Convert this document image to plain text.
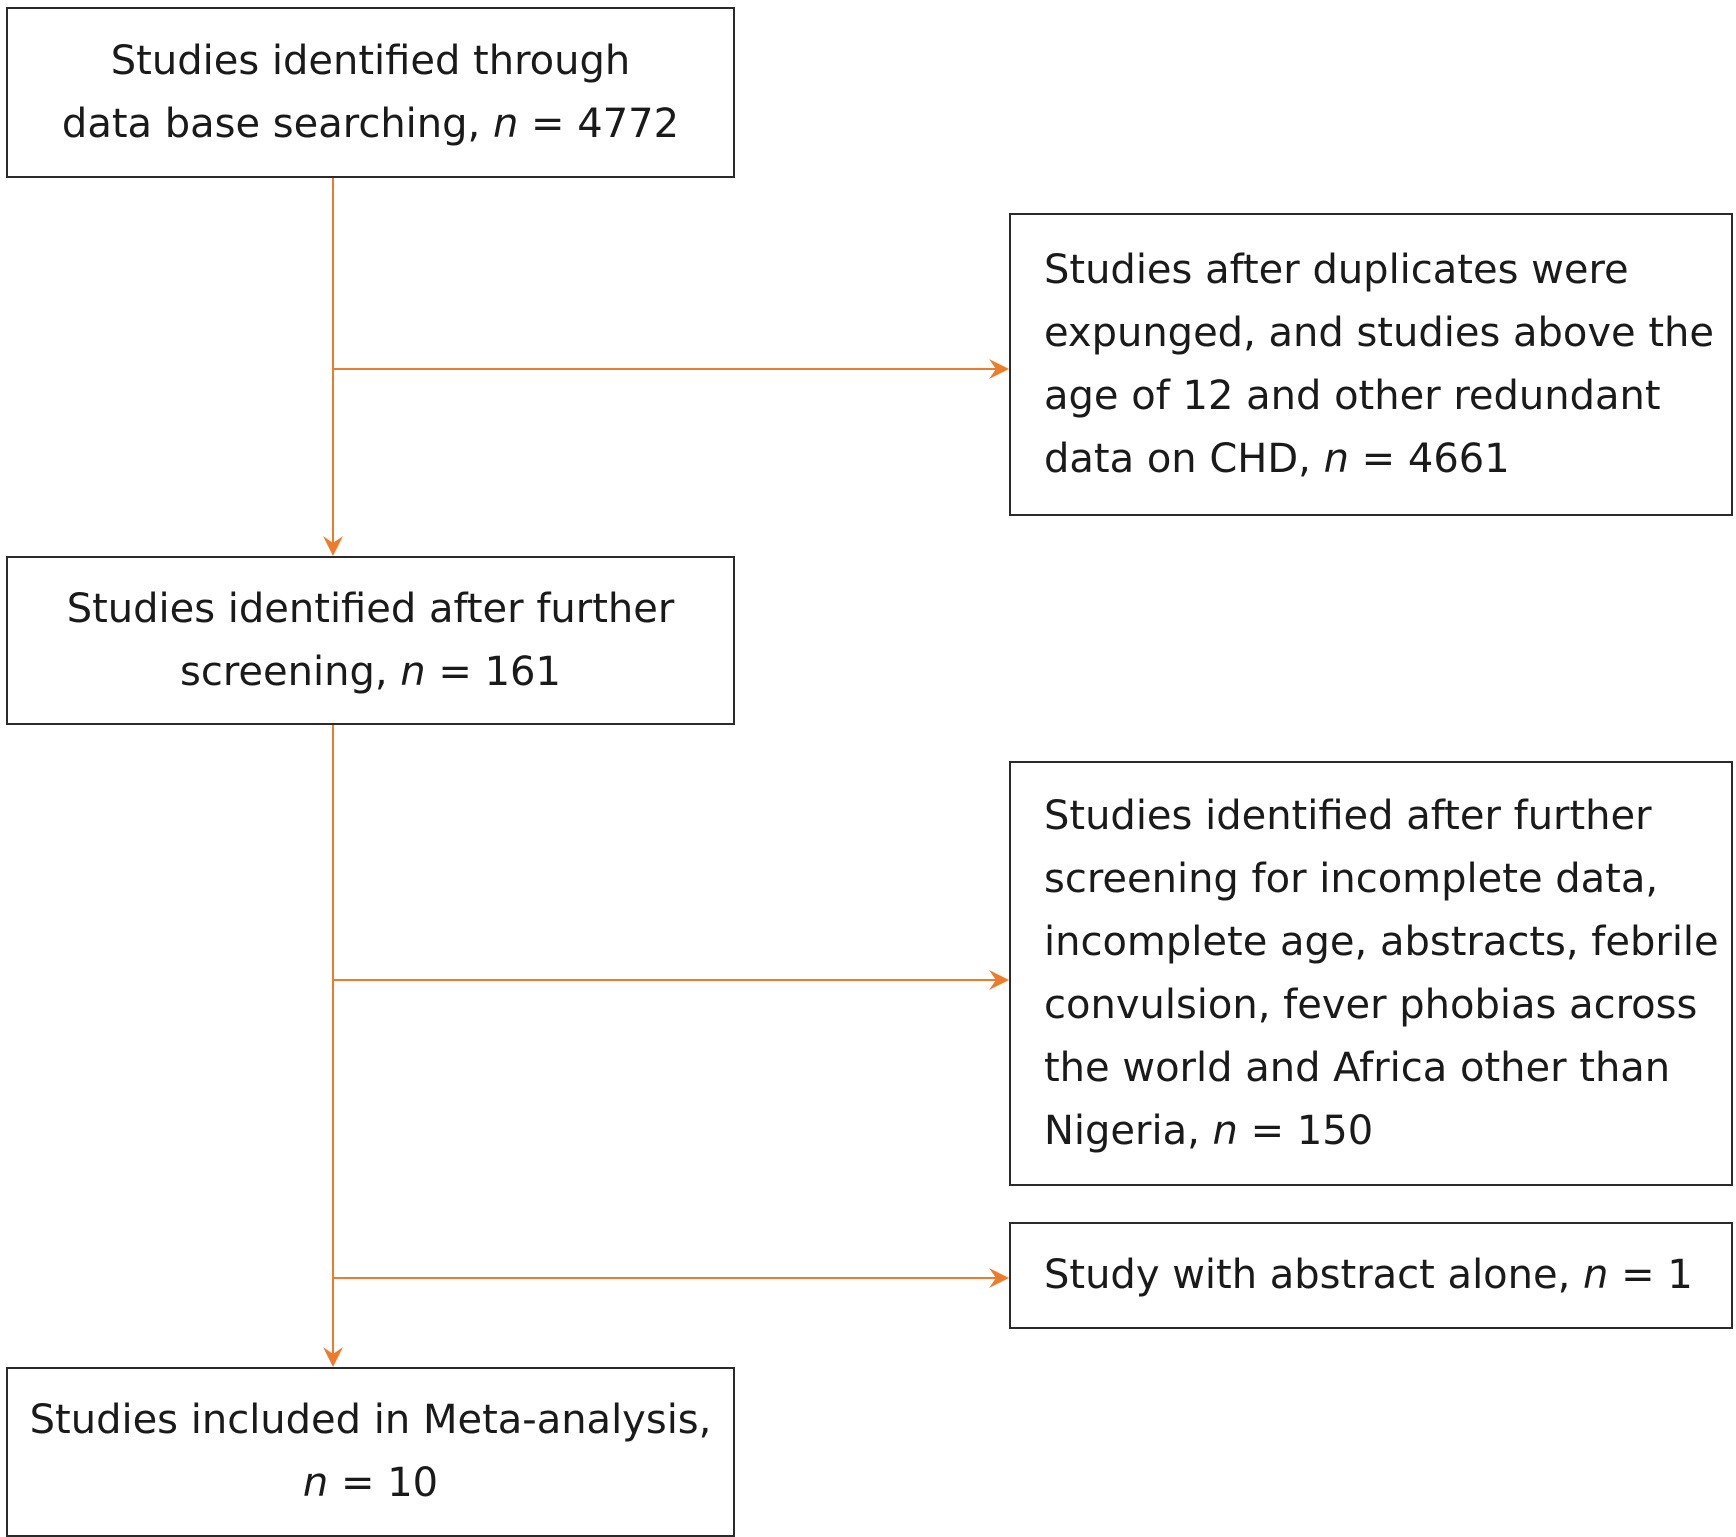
Studies identified through
data base searching, n = 4772
Studies after duplicates were
expunged, and studies above the
age of 12 and other redundant
data on CHD, n = 4661
Studies identified after further
screening, n = 161
Studies identified after further
screening for incomplete data,
incomplete age, abstracts, febrile
convulsion, fever phobias across
the world and Africa other than
Nigeria, n = 150
Study with abstract alone, n = 1
Studies included in Meta-analysis,
n = 10
